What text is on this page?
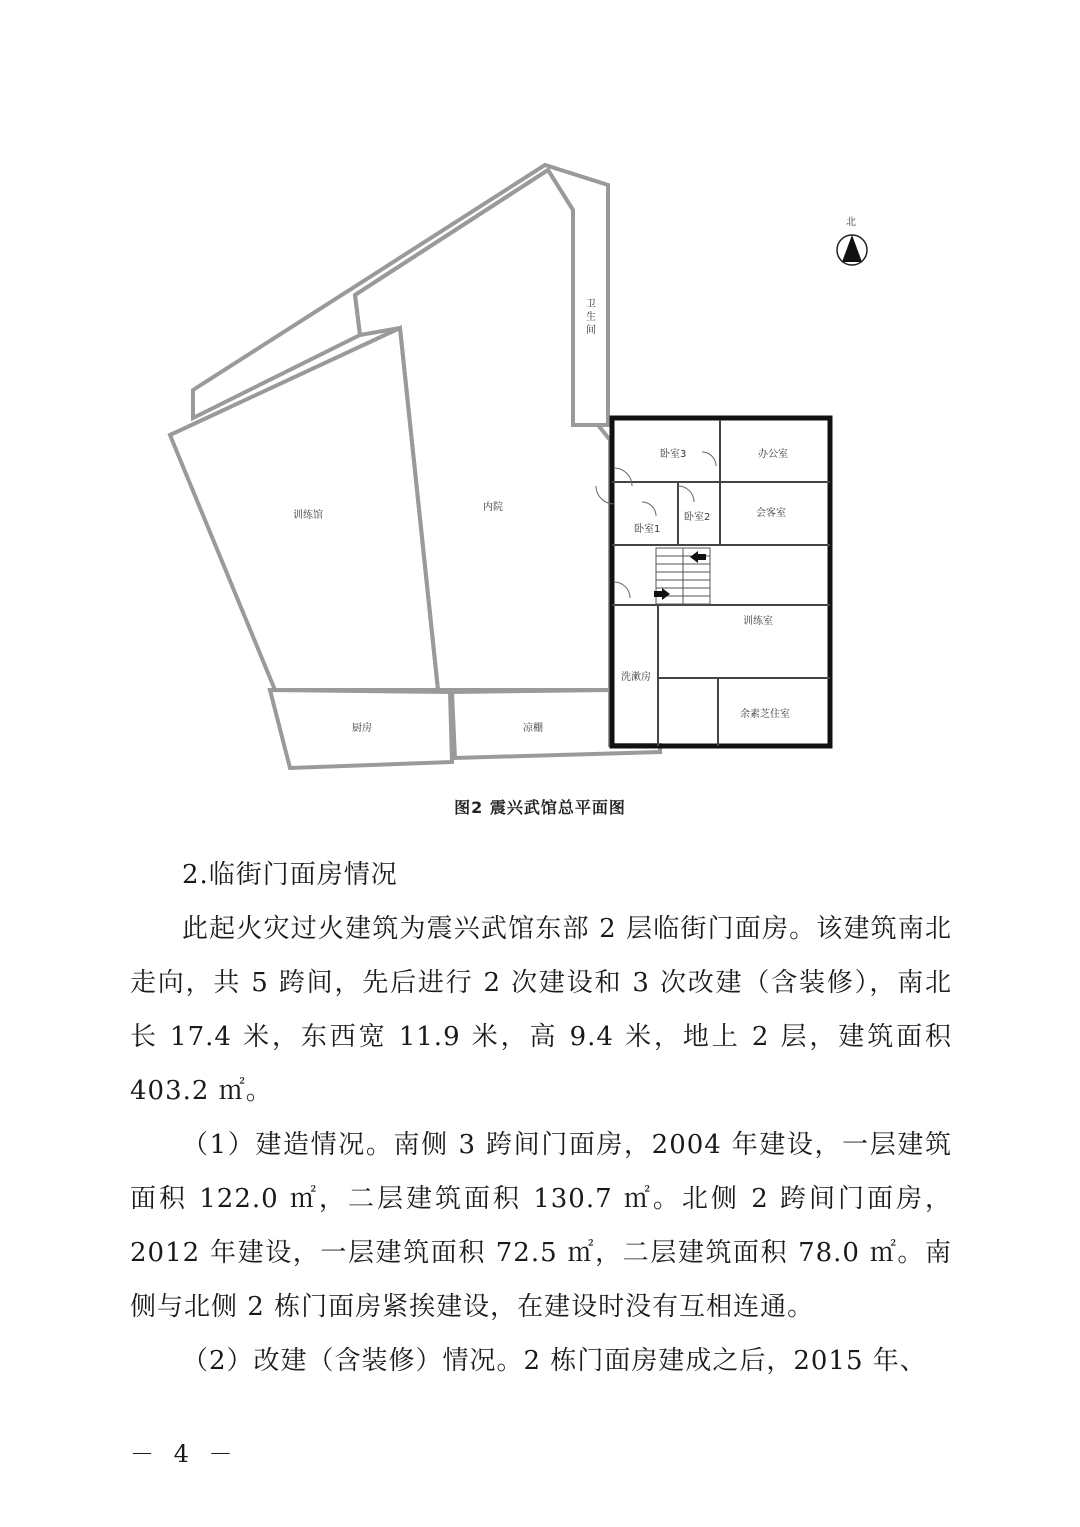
北
训练馆
内院
卫
生
间
厨房	凉棚
卧室3	办公室
卧室1
卧室2	会客室
训练室
洗漱房
余素芝住室
图2 震兴武馆总平面图

2.临街门面房情况

此起火灾过火建筑为震兴武馆东部 2 层临街门面房。该建筑南北走向，共 5 跨间，先后进行 2 次建设和 3 次改建（含装修），南北长 17.4 米，东西宽 11.9 米，高 9.4 米，地上 2 层，建筑面积 403.2 ㎡。

（1）建造情况。南侧 3 跨间门面房，2004 年建设，一层建筑面积 122.0 ㎡，二层建筑面积 130.7 ㎡。北侧 2 跨间门面房，2012 年建设，一层建筑面积 72.5 ㎡，二层建筑面积 78.0 ㎡。南侧与北侧 2 栋门面房紧挨建设，在建设时没有互相连通。

（2）改建（含装修）情况。2 栋门面房建成之后，2015 年、

－ 4 －
